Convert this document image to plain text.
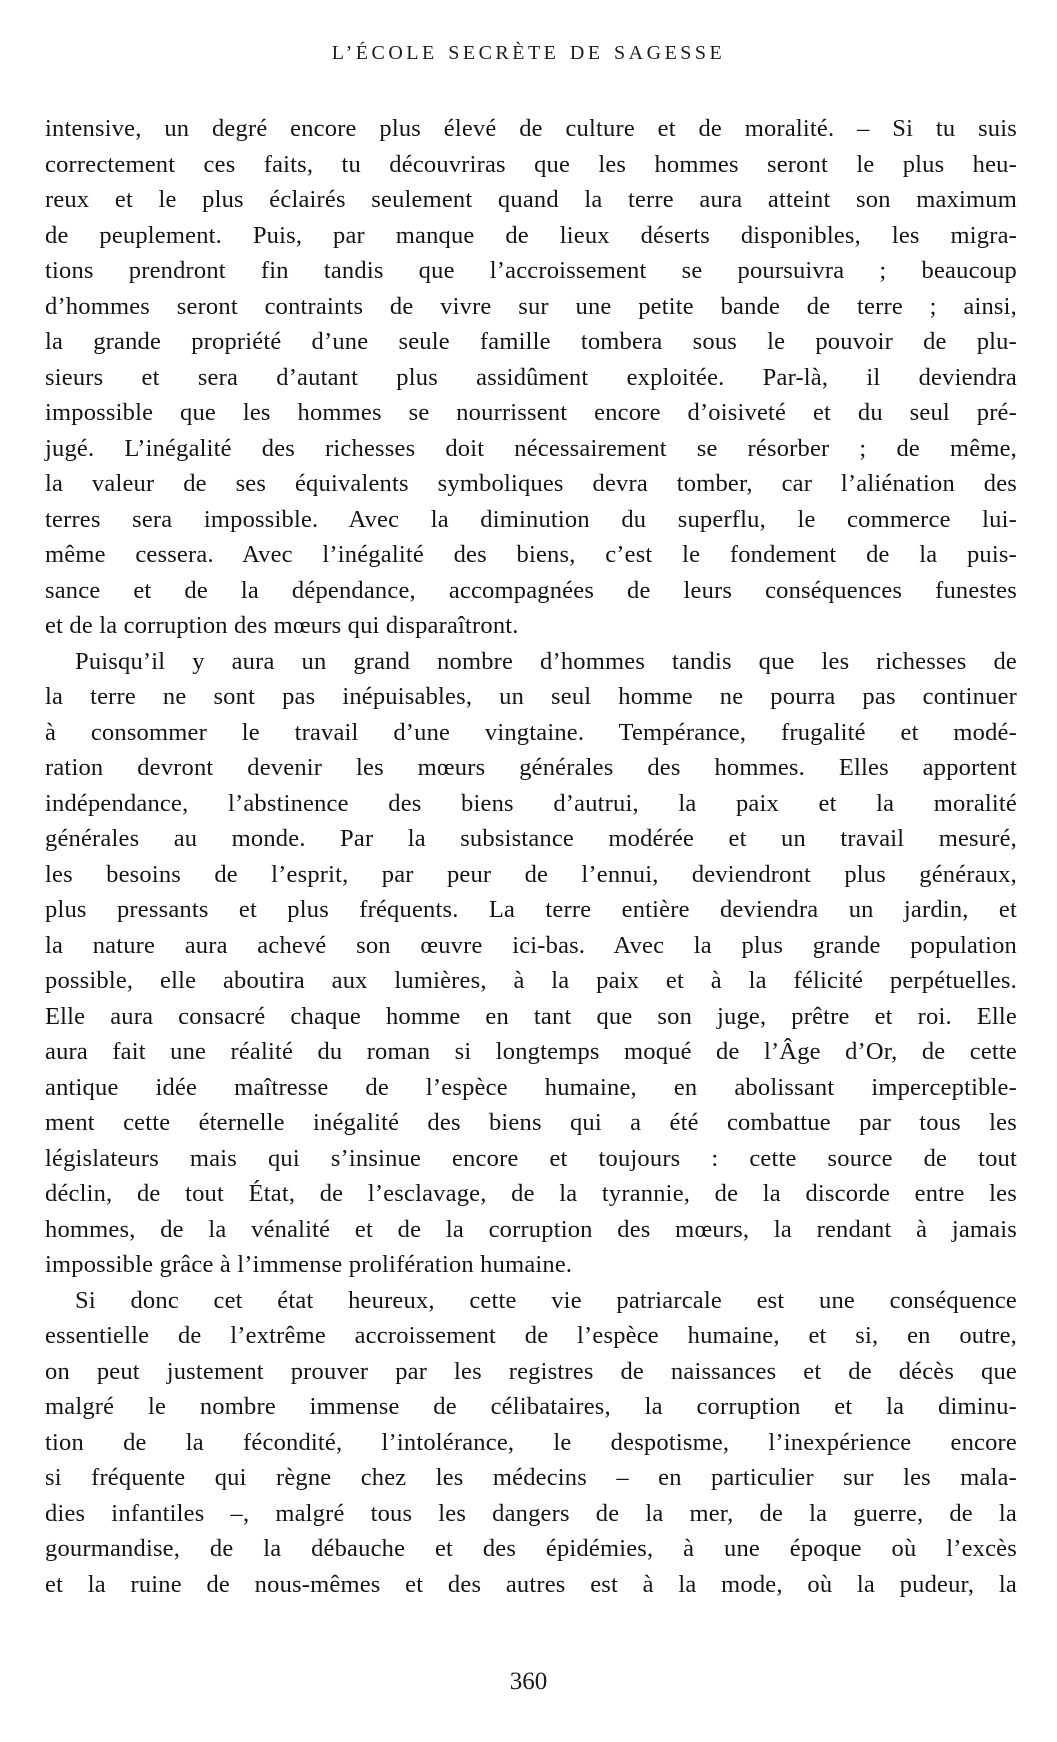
L’ÉCOLE SECRÈTE DE SAGESSE
intensive, un degré encore plus élevé de culture et de moralité. – Si tu suis
correctement ces faits, tu découvriras que les hommes seront le plus heu-
reux et le plus éclairés seulement quand la terre aura atteint son maximum
de peuplement. Puis, par manque de lieux déserts disponibles, les migra-
tions prendront fin tandis que l’accroissement se poursuivra ; beaucoup
d’hommes seront contraints de vivre sur une petite bande de terre ; ainsi,
la grande propriété d’une seule famille tombera sous le pouvoir de plu-
sieurs et sera d’autant plus assidûment exploitée. Par-là, il deviendra
impossible que les hommes se nourrissent encore d’oisiveté et du seul pré-
jugé. L’inégalité des richesses doit nécessairement se résorber ; de même,
la valeur de ses équivalents symboliques devra tomber, car l’aliénation des
terres sera impossible. Avec la diminution du superflu, le commerce lui-
même cessera. Avec l’inégalité des biens, c’est le fondement de la puis-
sance et de la dépendance, accompagnées de leurs conséquences funestes
et de la corruption des mœurs qui disparaîtront.
Puisqu’il y aura un grand nombre d’hommes tandis que les richesses de
la terre ne sont pas inépuisables, un seul homme ne pourra pas continuer
à consommer le travail d’une vingtaine. Tempérance, frugalité et modé-
ration devront devenir les mœurs générales des hommes. Elles apportent
indépendance, l’abstinence des biens d’autrui, la paix et la moralité
générales au monde. Par la subsistance modérée et un travail mesuré,
les besoins de l’esprit, par peur de l’ennui, deviendront plus généraux,
plus pressants et plus fréquents. La terre entière deviendra un jardin, et
la nature aura achevé son œuvre ici-bas. Avec la plus grande population
possible, elle aboutira aux lumières, à la paix et à la félicité perpétuelles.
Elle aura consacré chaque homme en tant que son juge, prêtre et roi. Elle
aura fait une réalité du roman si longtemps moqué de l’Âge d’Or, de cette
antique idée maîtresse de l’espèce humaine, en abolissant imperceptible-
ment cette éternelle inégalité des biens qui a été combattue par tous les
législateurs mais qui s’insinue encore et toujours : cette source de tout
déclin, de tout État, de l’esclavage, de la tyrannie, de la discorde entre les
hommes, de la vénalité et de la corruption des mœurs, la rendant à jamais
impossible grâce à l’immense prolifération humaine.
Si donc cet état heureux, cette vie patriarcale est une conséquence
essentielle de l’extrême accroissement de l’espèce humaine, et si, en outre,
on peut justement prouver par les registres de naissances et de décès que
malgré le nombre immense de célibataires, la corruption et la diminu-
tion de la fécondité, l’intolérance, le despotisme, l’inexpérience encore
si fréquente qui règne chez les médecins – en particulier sur les mala-
dies infantiles –, malgré tous les dangers de la mer, de la guerre, de la
gourmandise, de la débauche et des épidémies, à une époque où l’excès
et la ruine de nous-mêmes et des autres est à la mode, où la pudeur, la
360
